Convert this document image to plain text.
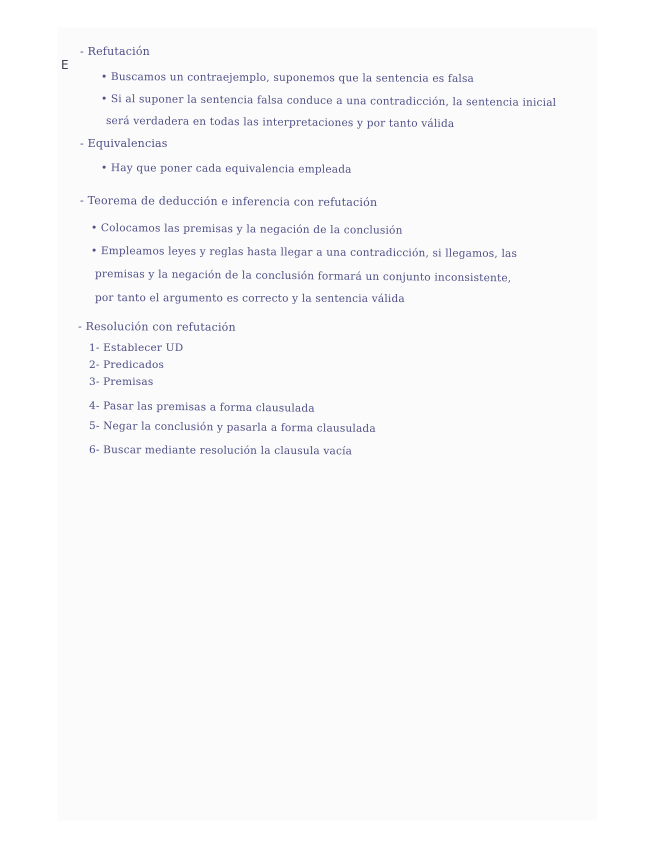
E
- Refutación
• Buscamos un contraejemplo, suponemos que la sentencia es falsa
• Si al suponer la sentencia falsa conduce a una contradicción, la sentencia inicial
será verdadera en todas las interpretaciones y por tanto válida
- Equivalencias
• Hay que poner cada equivalencia empleada
- Teorema de deducción e inferencia con refutación
• Colocamos las premisas y la negación de la conclusión
• Empleamos leyes y reglas hasta llegar a una contradicción, si llegamos, las
premisas y la negación de la conclusión formará un conjunto inconsistente,
por tanto el argumento es correcto y la sentencia válida
- Resolución con refutación
1- Establecer UD
2- Predicados
3- Premisas
4- Pasar las premisas a forma clausulada
5- Negar la conclusión y pasarla a forma clausulada
6- Buscar mediante resolución la clausula vacía
